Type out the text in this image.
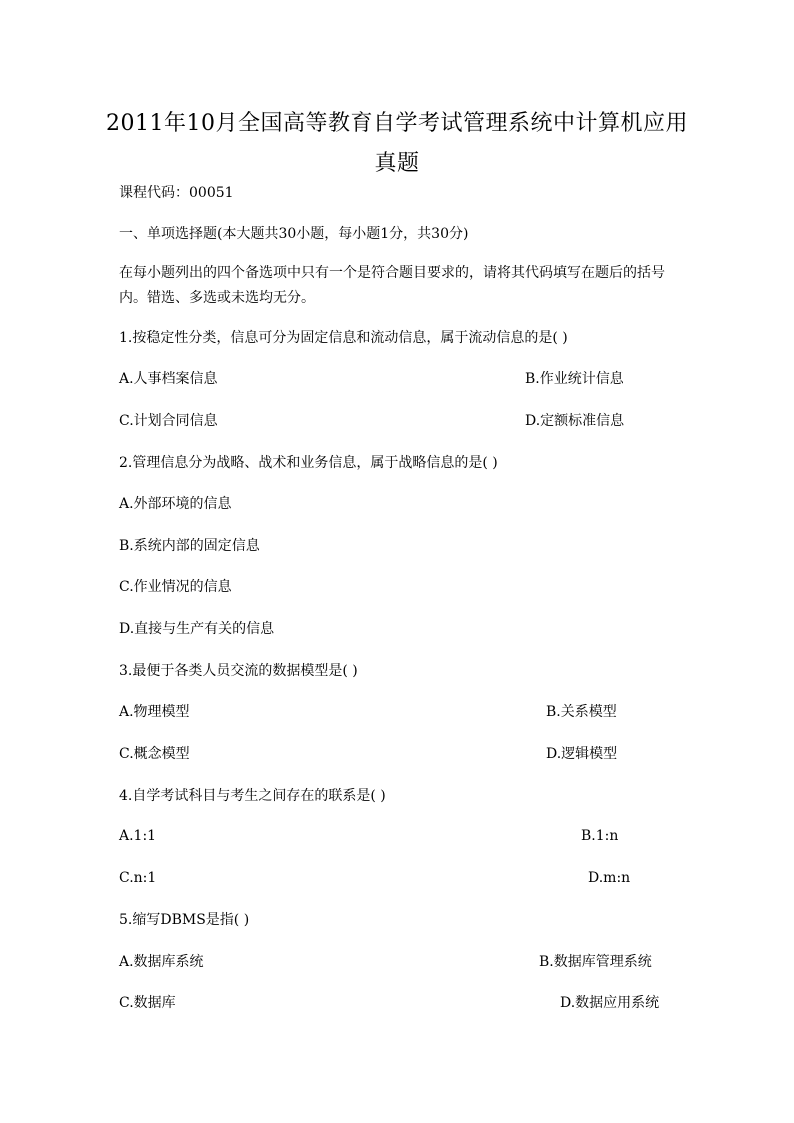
2011年10月全国高等教育自学考试管理系统中计算机应用
真题
课程代码：00051
一、单项选择题(本大题共30小题，每小题1分，共30分)
在每小题列出的四个备选项中只有一个是符合题目要求的，请将其代码填写在题后的括号内。错选、多选或未选均无分。
1.按稳定性分类，信息可分为固定信息和流动信息，属于流动信息的是( )
A.人事档案信息	B.作业统计信息
C.计划合同信息	D.定额标准信息
2.管理信息分为战略、战术和业务信息，属于战略信息的是( )
A.外部环境的信息
B.系统内部的固定信息
C.作业情况的信息
D.直接与生产有关的信息
3.最便于各类人员交流的数据模型是( )
A.物理模型	B.关系模型
C.概念模型	D.逻辑模型
4.自学考试科目与考生之间存在的联系是( )
A.1:1	B.1:n
C.n:1	D.m:n
5.缩写DBMS是指( )
A.数据库系统	B.数据库管理系统
C.数据库	D.数据应用系统
